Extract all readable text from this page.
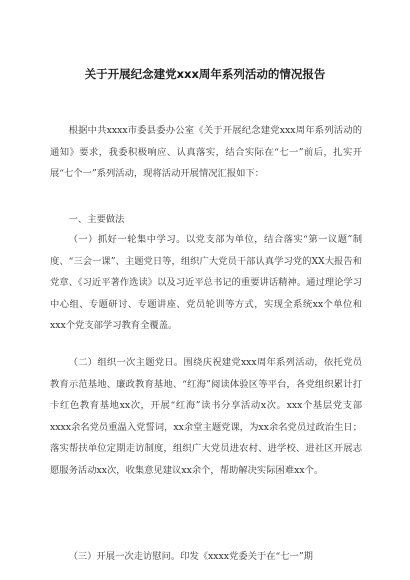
关于开展纪念建党xxx周年系列活动的情况报告

根据中共xxxx市委县委办公室《关于开展纪念建党xxx周年系列活动的通知》要求，我委积极响应、认真落实，结合实际在“七一”前后，扎实开展“七个一”系列活动，现将活动开展情况汇报如下：

一、主要做法

（一）抓好一轮集中学习。以党支部为单位，结合落实“第一议题”制度、“三会一课”、主题党日等，组织广大党员干部认真学习党的XX大报告和党章、《习近平著作选读》以及习近平总书记的重要讲话精神。通过理论学习中心组、专题研讨、专题讲座、党员轮训等方式，实现全系统xx个单位和xxx个党支部学习教育全覆盖。

（二）组织一次主题党日。围绕庆祝建党xxx周年系列活动，依托党员教育示范基地、廉政教育基地、“红海”阅读体验区等平台，各党组织累计打卡红色教育基地xx次，开展“红海”读书分享活动x次。xxx个基层党支部xxxx余名党员重温入党誓词，xx余堂主题党课，为xx余名党员过政治生日；落实帮扶单位定期走访制度，组织广大党员进农村、进学校、进社区开展志愿服务活动xx次，收集意见建议xx余个，帮助解决实际困难xx个。

（三）开展一次走访慰问。印发《xxxx党委关于在“七一”期
